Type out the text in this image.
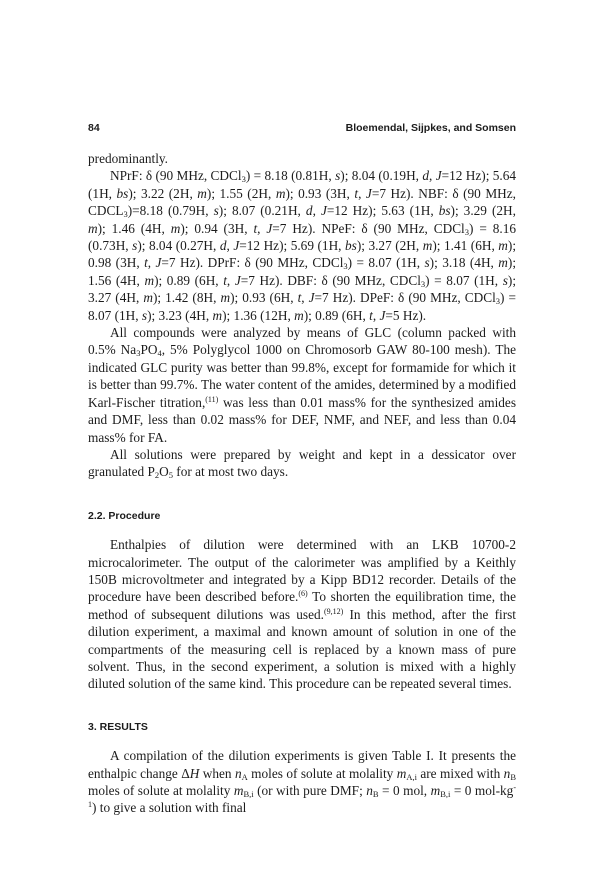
84	Bloemendal, Sijpkes, and Somsen

predominantly.

NPrF: δ (90 MHz, CDCl$_3$) = 8.18 (0.81H, s); 8.04 (0.19H, d, J=12 Hz); 5.64 (1H, bs); 3.22 (2H, m); 1.55 (2H, m); 0.93 (3H, t, J=7 Hz). NBF: δ (90 MHz, $CDCL_3)=8.18$ (0.79H, s); 8.07 (0.21H, d, J=12 Hz); 5.63 (1H, bs); 3.29 (2H, m); 1.46 (4H, m); 0.94 (3H, t, J=7 Hz). NPeF: δ (90 MHz, CDCl$_3$) = 8.16 (0.73H, s); 8.04 (0.27H, d, J=12 Hz); 5.69 (1H, bs); 3.27 (2H, m); 1.41 (6H, m); 0.98 (3H, t, J=7 Hz). DPrF: δ (90 MHz, CDCl$_3$) = 8.07 (1H, s); 3.18 (4H, m); 1.56 (4H, m); 0.89 (6H, t, J=7 Hz). DBF: δ (90 MHz, CDCl$_3$) = 8.07 (1H, s); 3.27 (4H, m); 1.42 (8H, m); 0.93 (6H, t, J=7 Hz). DPeF: δ (90 MHz, CDCl$_3$) = 8.07 (1H, s); 3.23 (4H, m); 1.36 (12H, m); 0.89 (6H, t, J=5 Hz).

All compounds were analyzed by means of GLC (column packed with 0.5% $Na_3PO_4$, 5% Polyglycol 1000 on Chromosorb GAW 80-100 mesh). The indicated GLC purity was better than 99.8%, except for formamide for which it is better than 99.7%. The water content of the amides, determined by a modified Karl-Fischer titration,$^{(11)}$ was less than 0.01 mass% for the synthesized amides and DMF, less than 0.02 mass% for DEF, NMF, and NEF, and less than 0.04 mass% for FA.

All solutions were prepared by weight and kept in a dessicator over granulated $P_2O_5$ for at most two days.

2.2. Procedure

Enthalpies of dilution were determined with an LKB 10700-2 microcalorimeter. The output of the calorimeter was amplified by a Keithly 150B microvoltmeter and integrated by a Kipp BD12 recorder. Details of the procedure have been described before.$^{(6)}$ To shorten the equilibration time, the method of subsequent dilutions was used.$^{(9,12)}$ In this method, after the first dilution experiment, a maximal and known amount of solution in one of the compartments of the measuring cell is replaced by a known mass of pure solvent. Thus, in the second experiment, a solution is mixed with a highly diluted solution of the same kind. This procedure can be repeated several times.

3. RESULTS

A compilation of the dilution experiments is given Table I. It presents the enthalpic change ΔH when $n_A$ moles of solute at molality $m_{A,i}$ are mixed with $n_B$ moles of solute at molality $m_{B,i}$ (or with pure DMF; $n_B = 0$ mol, $m_{B,i} = 0$ mol-$kg^{-1}$) to give a solution with final
